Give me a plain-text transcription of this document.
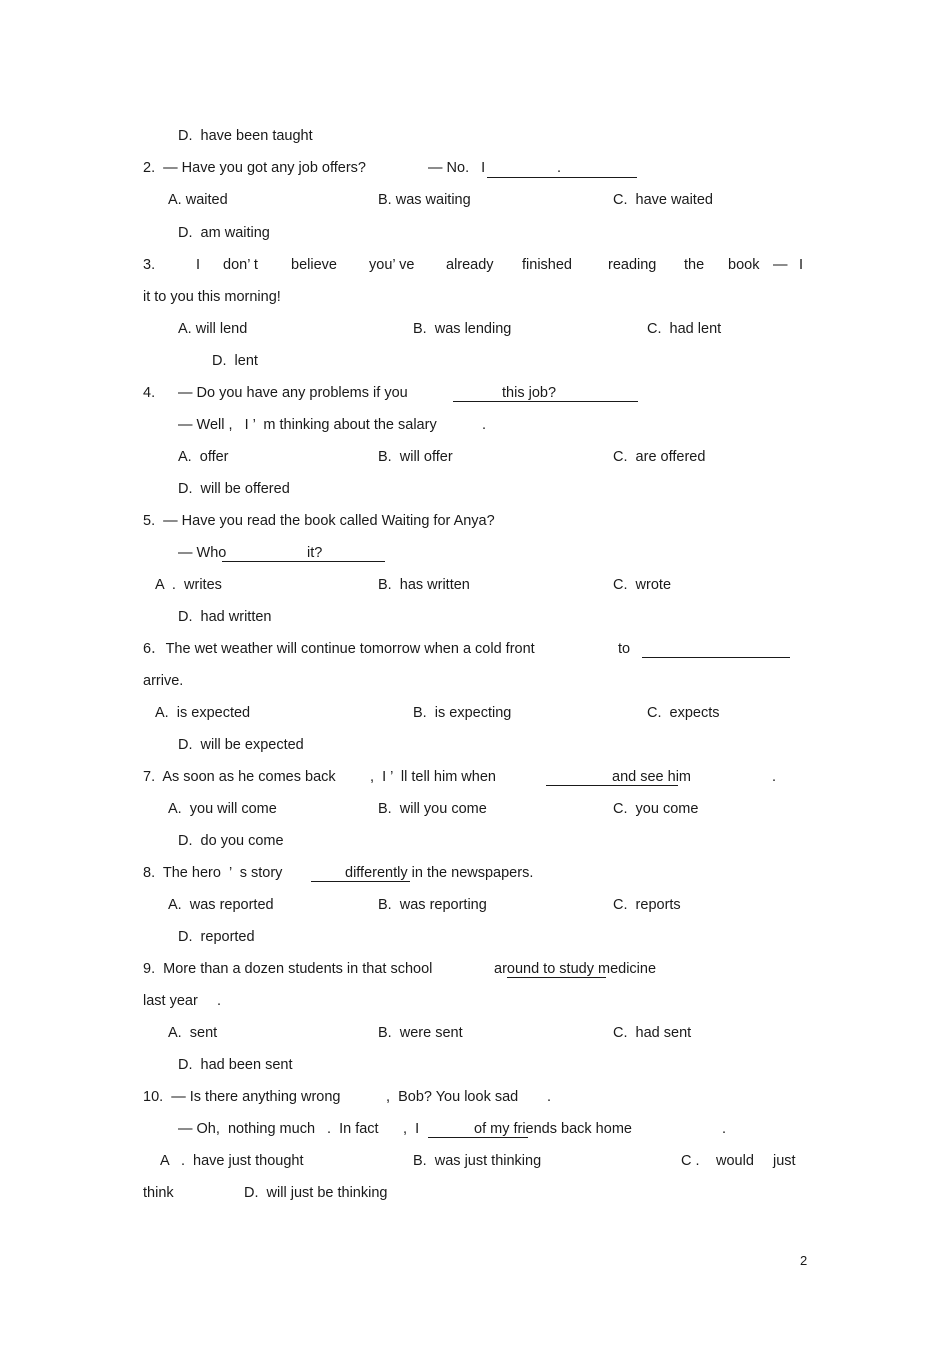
D.  have been taught
2.  — Have you got any job offers?	— No.   I	.
A. waited	B. was waiting	C.  have waited
D.  am waiting
3.	I don’ t believe you’ ve already finished reading the book — I
it to you this morning!
A. will lend	B.  was lending	C.  had lent
D.  lent
4. — Do you have any problems if you	this job?
— Well ,   I ’  m thinking about the salary	.
A.  offer	B.  will offer	C.  are offered
D.  will be offered
5.  — Have you read the book called Waiting for Anya?
— Who	it?
A  .  writes	B.  has written	C.  wrote
D.  had written
6．The wet weather will continue tomorrow when a cold front	to
arrive.
A.  is expected	B.  is expecting	C.  expects
D.  will be expected
7.  As soon as he comes back ,  I ’  ll tell him when	and see him	.
A.  you will come	B.  will you come	C.  you come
D.  do you come
8.  The hero  ’  s story	differently in the newspapers.
A.  was reported	B.  was reporting	C.  reports
D.  reported
9.  More than a dozen students in that school	around to study medicine
last year .
A.  sent	B.  were sent	C.  had sent
D.  had been sent
10.  — Is there anything wrong	,  Bob? You look sad .
— Oh,  nothing much .  In fact ,  I	of my friends back home	.
A   .  have just thought	B.  was just thinking	C . would just
think	D.  will just be thinking
2
